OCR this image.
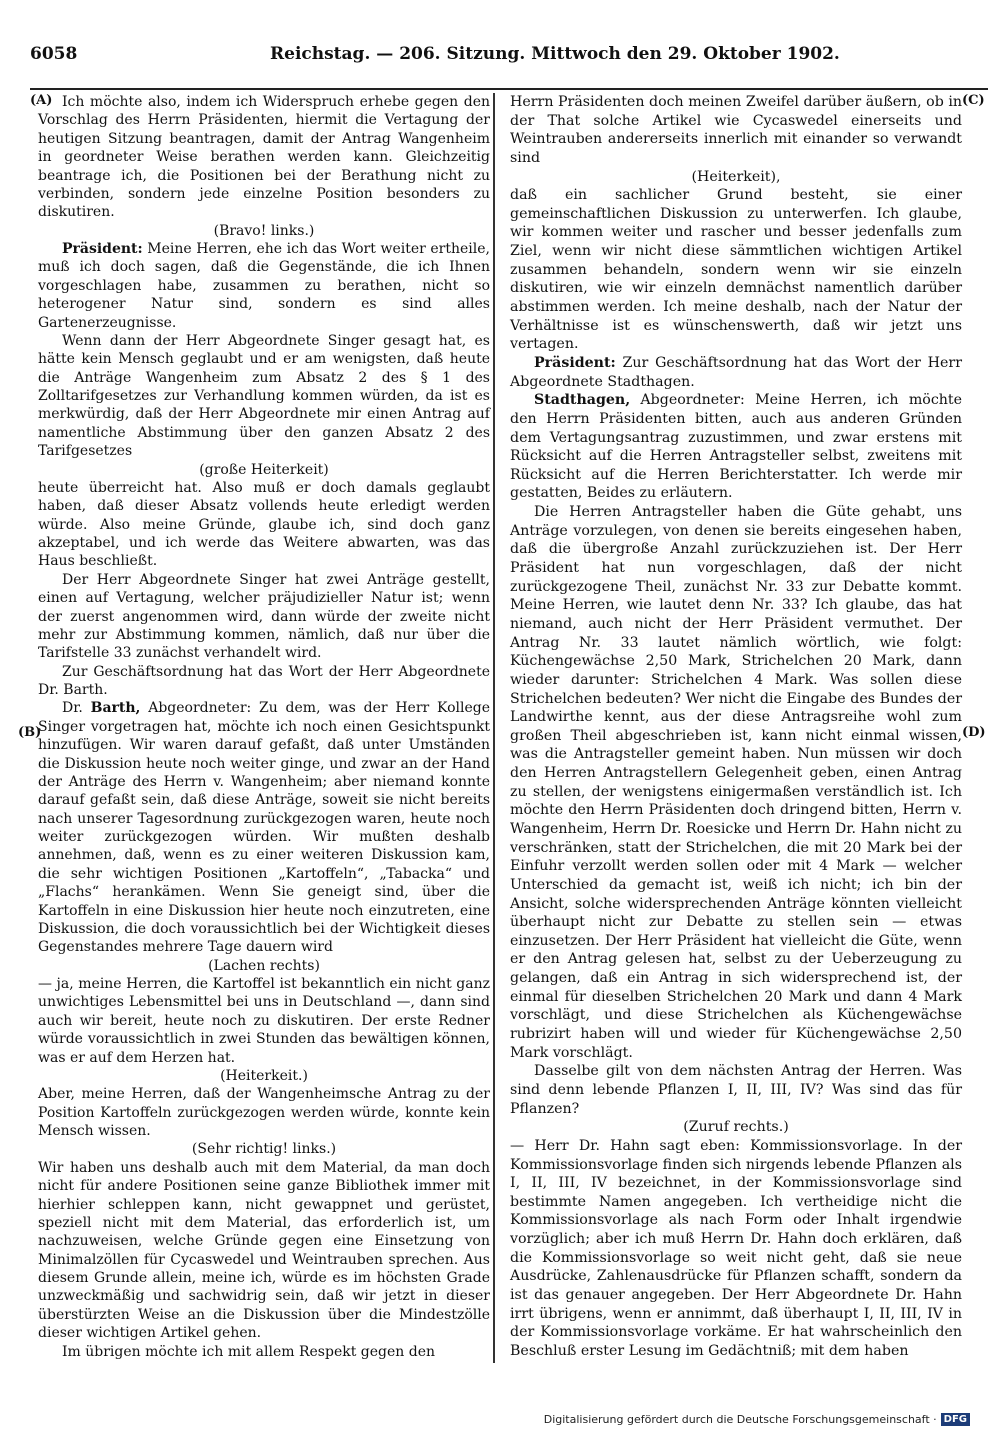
6058	Reichstag. — 206. Sitzung. Mittwoch den 29. Oktober 1902.
(A)
(B)
(C)
(D)

Ich möchte also, indem ich Widerspruch erhebe gegen den Vorschlag des Herrn Präsidenten, hiermit die Vertagung der heutigen Sitzung beantragen, damit der Antrag Wangenheim in geordneter Weise berathen werden kann. Gleichzeitig beantrage ich, die Positionen bei der Berathung nicht zu verbinden, sondern jede einzelne Position besonders zu diskutiren.

(Bravo! links.)

Präsident: Meine Herren, ehe ich das Wort weiter ertheile, muß ich doch sagen, daß die Gegenstände, die ich Ihnen vorgeschlagen habe, zusammen zu berathen, nicht so heterogener Natur sind, sondern es sind alles Gartenerzeugnisse.

Wenn dann der Herr Abgeordnete Singer gesagt hat, es hätte kein Mensch geglaubt und er am wenigsten, daß heute die Anträge Wangenheim zum Absatz 2 des § 1 des Zolltarifgesetzes zur Verhandlung kommen würden, da ist es merkwürdig, daß der Herr Abgeordnete mir einen Antrag auf namentliche Abstimmung über den ganzen Absatz 2 des Tarifgesetzes

(große Heiterkeit)

heute überreicht hat. Also muß er doch damals geglaubt haben, daß dieser Absatz vollends heute erledigt werden würde. Also meine Gründe, glaube ich, sind doch ganz akzeptabel, und ich werde das Weitere abwarten, was das Haus beschließt.

Der Herr Abgeordnete Singer hat zwei Anträge gestellt, einen auf Vertagung, welcher präjudizieller Natur ist; wenn der zuerst angenommen wird, dann würde der zweite nicht mehr zur Abstimmung kommen, nämlich, daß nur über die Tarifstelle 33 zunächst verhandelt wird.

Zur Geschäftsordnung hat das Wort der Herr Abgeordnete Dr. Barth.

Dr. Barth, Abgeordneter: Zu dem, was der Herr Kollege Singer vorgetragen hat, möchte ich noch einen Gesichtspunkt hinzufügen. Wir waren darauf gefaßt, daß unter Umständen die Diskussion heute noch weiter ginge, und zwar an der Hand der Anträge des Herrn v. Wangenheim; aber niemand konnte darauf gefaßt sein, daß diese Anträge, soweit sie nicht bereits nach unserer Tagesordnung zurückgezogen waren, heute noch weiter zurückgezogen würden. Wir mußten deshalb annehmen, daß, wenn es zu einer weiteren Diskussion kam, die sehr wichtigen Positionen „Kartoffeln“, „Tabacka“ und „Flachs“ herankämen. Wenn Sie geneigt sind, über die Kartoffeln in eine Diskussion hier heute noch einzutreten, eine Diskussion, die doch voraussichtlich bei der Wichtigkeit dieses Gegenstandes mehrere Tage dauern wird

(Lachen rechts)

— ja, meine Herren, die Kartoffel ist bekanntlich ein nicht ganz unwichtiges Lebensmittel bei uns in Deutschland —, dann sind auch wir bereit, heute noch zu diskutiren. Der erste Redner würde voraussichtlich in zwei Stunden das bewältigen können, was er auf dem Herzen hat.

(Heiterkeit.)

Aber, meine Herren, daß der Wangenheimsche Antrag zu der Position Kartoffeln zurückgezogen werden würde, konnte kein Mensch wissen.

(Sehr richtig! links.)

Wir haben uns deshalb auch mit dem Material, da man doch nicht für andere Positionen seine ganze Bibliothek immer mit hierhier schleppen kann, nicht gewappnet und gerüstet, speziell nicht mit dem Material, das erforderlich ist, um nachzuweisen, welche Gründe gegen eine Einsetzung von Minimalzöllen für Cycaswedel und Weintrauben sprechen. Aus diesem Grunde allein, meine ich, würde es im höchsten Grade unzweckmäßig und sachwidrig sein, daß wir jetzt in dieser überstürzten Weise an die Diskussion über die Mindestzölle dieser wichtigen Artikel gehen.

Im übrigen möchte ich mit allem Respekt gegen den

Herrn Präsidenten doch meinen Zweifel darüber äußern, ob in der That solche Artikel wie Cycaswedel einerseits und Weintrauben andererseits innerlich mit einander so verwandt sind

(Heiterkeit),

daß ein sachlicher Grund besteht, sie einer gemeinschaftlichen Diskussion zu unterwerfen. Ich glaube, wir kommen weiter und rascher und besser jedenfalls zum Ziel, wenn wir nicht diese sämmtlichen wichtigen Artikel zusammen behandeln, sondern wenn wir sie einzeln diskutiren, wie wir einzeln demnächst namentlich darüber abstimmen werden. Ich meine deshalb, nach der Natur der Verhältnisse ist es wünschenswerth, daß wir jetzt uns vertagen.

Präsident: Zur Geschäftsordnung hat das Wort der Herr Abgeordnete Stadthagen.

Stadthagen, Abgeordneter: Meine Herren, ich möchte den Herrn Präsidenten bitten, auch aus anderen Gründen dem Vertagungsantrag zuzustimmen, und zwar erstens mit Rücksicht auf die Herren Antragsteller selbst, zweitens mit Rücksicht auf die Herren Berichterstatter. Ich werde mir gestatten, Beides zu erläutern.

Die Herren Antragsteller haben die Güte gehabt, uns Anträge vorzulegen, von denen sie bereits eingesehen haben, daß die übergroße Anzahl zurückzuziehen ist. Der Herr Präsident hat nun vorgeschlagen, daß der nicht zurückgezogene Theil, zunächst Nr. 33 zur Debatte kommt. Meine Herren, wie lautet denn Nr. 33? Ich glaube, das hat niemand, auch nicht der Herr Präsident vermuthet. Der Antrag Nr. 33 lautet nämlich wörtlich, wie folgt: Küchengewächse 2,50 Mark, Strichelchen 20 Mark, dann wieder darunter: Strichelchen 4 Mark. Was sollen diese Strichelchen bedeuten? Wer nicht die Eingabe des Bundes der Landwirthe kennt, aus der diese Antragsreihe wohl zum großen Theil abgeschrieben ist, kann nicht einmal wissen, was die Antragsteller gemeint haben. Nun müssen wir doch den Herren Antragstellern Gelegenheit geben, einen Antrag zu stellen, der wenigstens einigermaßen verständlich ist. Ich möchte den Herrn Präsidenten doch dringend bitten, Herrn v. Wangenheim, Herrn Dr. Roesicke und Herrn Dr. Hahn nicht zu verschränken, statt der Strichelchen, die mit 20 Mark bei der Einfuhr verzollt werden sollen oder mit 4 Mark — welcher Unterschied da gemacht ist, weiß ich nicht; ich bin der Ansicht, solche widersprechenden Anträge könnten vielleicht überhaupt nicht zur Debatte zu stellen sein — etwas einzusetzen. Der Herr Präsident hat vielleicht die Güte, wenn er den Antrag gelesen hat, selbst zu der Ueberzeugung zu gelangen, daß ein Antrag in sich widersprechend ist, der einmal für dieselben Strichelchen 20 Mark und dann 4 Mark vorschlägt, und diese Strichelchen als Küchengewächse rubrizirt haben will und wieder für Küchengewächse 2,50 Mark vorschlägt.

Dasselbe gilt von dem nächsten Antrag der Herren. Was sind denn lebende Pflanzen I, II, III, IV? Was sind das für Pflanzen?

(Zuruf rechts.)

— Herr Dr. Hahn sagt eben: Kommissionsvorlage. In der Kommissionsvorlage finden sich nirgends lebende Pflanzen als I, II, III, IV bezeichnet, in der Kommissionsvorlage sind bestimmte Namen angegeben. Ich vertheidige nicht die Kommissionsvorlage als nach Form oder Inhalt irgendwie vorzüglich; aber ich muß Herrn Dr. Hahn doch erklären, daß die Kommissionsvorlage so weit nicht geht, daß sie neue Ausdrücke, Zahlenausdrücke für Pflanzen schafft, sondern da ist das genauer angegeben. Der Herr Abgeordnete Dr. Hahn irrt übrigens, wenn er annimmt, daß überhaupt I, II, III, IV in der Kommissionsvorlage vorkäme. Er hat wahrscheinlich den Beschluß erster Lesung im Gedächtniß; mit dem haben

Digitalisierung gefördert durch die Deutsche Forschungsgemeinschaft · DFG
